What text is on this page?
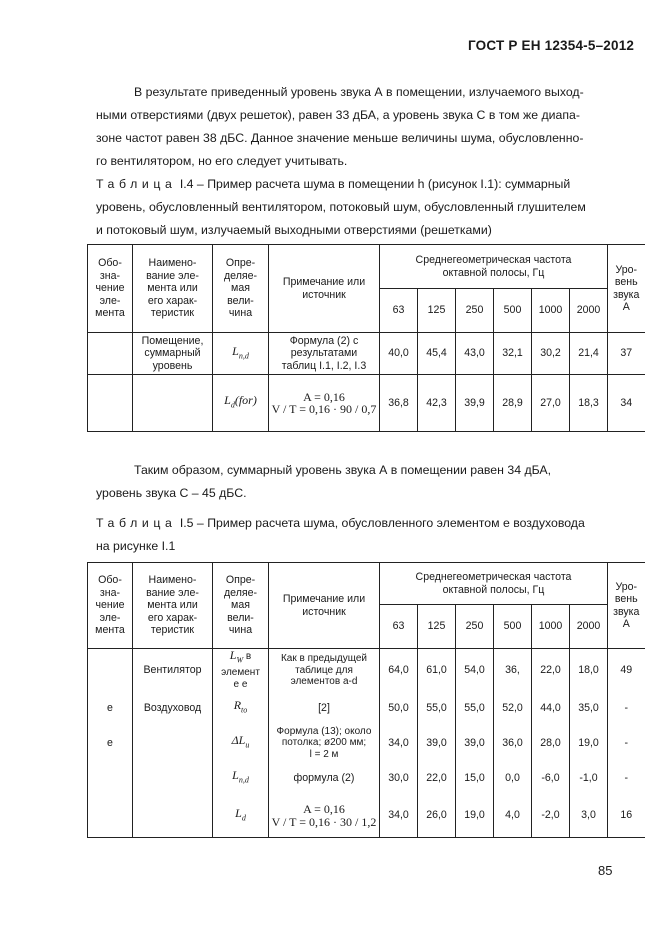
ГОСТ Р ЕН 12354-5–2012
В результате приведенный уровень звука А в помещении, излучаемого выход-
ными отверстиями (двух решеток), равен 33 дБА, а уровень звука С в том же диапа-
зоне частот равен 38 дБС. Данное значение меньше величины шума, обусловленно-
го вентилятором, но его следует учитывать.
Таблица I.4 – Пример расчета шума в помещении h (рисунок I.1): суммарный
уровень, обусловленный вентилятором, потоковый шум, обусловленный глушителем
и потоковый шум, излучаемый выходными отверстиями (решетками)
Обо-
зна-
чение
эле-
мента	Наимено-
вание эле-
мента или
его харак-
теристик	Опре-
деляе-
мая
вели-
чина	Примечание или
источник	Среднегеометрическая частота
октавной полосы, Гц						Уро-
вень
звука
A
				63	125	250	500	1000	2000	
	Помещение,
суммарный
уровень	$L_{n,d}$	Формула (2) с
результатами
таблиц I.1, I.2, I.3	40,0	45,4	43,0	32,1	30,2	21,4	37
		$L_d(for)$	A = 0,16
V / T = 0,16 · 90 / 0,7	36,8	42,3	39,9	28,9	27,0	18,3	34
Таким образом, суммарный уровень звука А в помещении равен 34 дБА,
уровень звука С – 45 дБС.
Таблица I.5 – Пример расчета шума, обусловленного элементом е воздуховода
на рисунке I.1
Обо-
зна-
чение
эле-
мента	Наимено-
вание эле-
мента или
его харак-
теристик	Опре-
деляе-
мая
вели-
чина	Примечание или
источник	Среднегеометрическая частота
октавной полосы, Гц						Уро-
вень
звука
A
				63	125	250	500	1000	2000	
	Вентилятор	$L_W$ в
элемент
е е	Как в предыдущей
таблице для
элементов a-d	64,0	61,0	54,0	36,	22,0	18,0	49
e	Воздуховод	$R_{to}$	[2]	50,0	55,0	55,0	52,0	44,0	35,0	-
e		$\Delta L_u$	Формула (13); около
потолка; ø200 мм;
l = 2 м	34,0	39,0	39,0	36,0	28,0	19,0	-
		$L_{n,d}$	формула (2)	30,0	22,0	15,0	0,0	-6,0	-1,0	-
		$L_d$	A = 0,16
V / T = 0,16 · 30 / 1,2	34,0	26,0	19,0	4,0	-2,0	3,0	16
85
